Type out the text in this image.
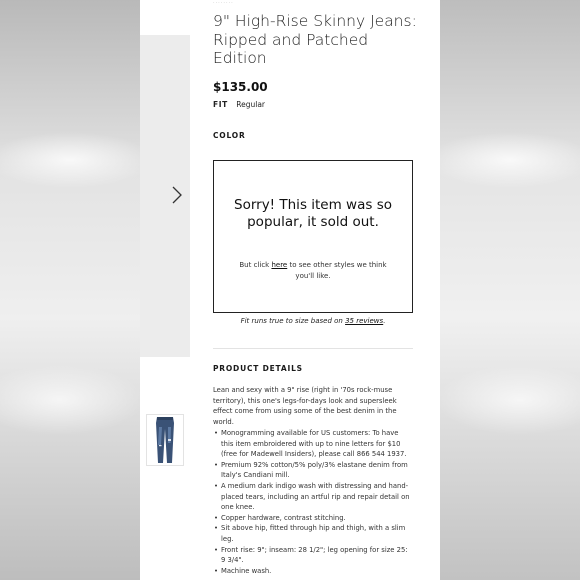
········
9" High-Rise Skinny Jeans: Ripped and Patched Edition
$135.00
FIT Regular
COLOR
Sorry! This item was so popular, it sold out.
But click here to see other styles we think you'll like.
Fit runs true to size based on 35 reviews.
PRODUCT DETAILS

Lean and sexy with a 9" rise (right in '70s rock-muse territory), this one's legs-for-days look and supersleek effect come from using some of the best denim in the world.

• Monogramming available for US customers: To have this item embroidered with up to nine letters for $10 (free for Madewell Insiders), please call 866 544 1937.
• Premium 92% cotton/5% poly/3% elastane denim from Italy's Candiani mill.
• A medium dark indigo wash with distressing and hand-placed tears, including an artful rip and repair detail on one knee.
• Copper hardware, contrast stitching.
• Sit above hip, fitted through hip and thigh, with a slim leg.
• Front rise: 9"; inseam: 28 1/2"; leg opening for size 25: 9 3/4".
• Machine wash.
